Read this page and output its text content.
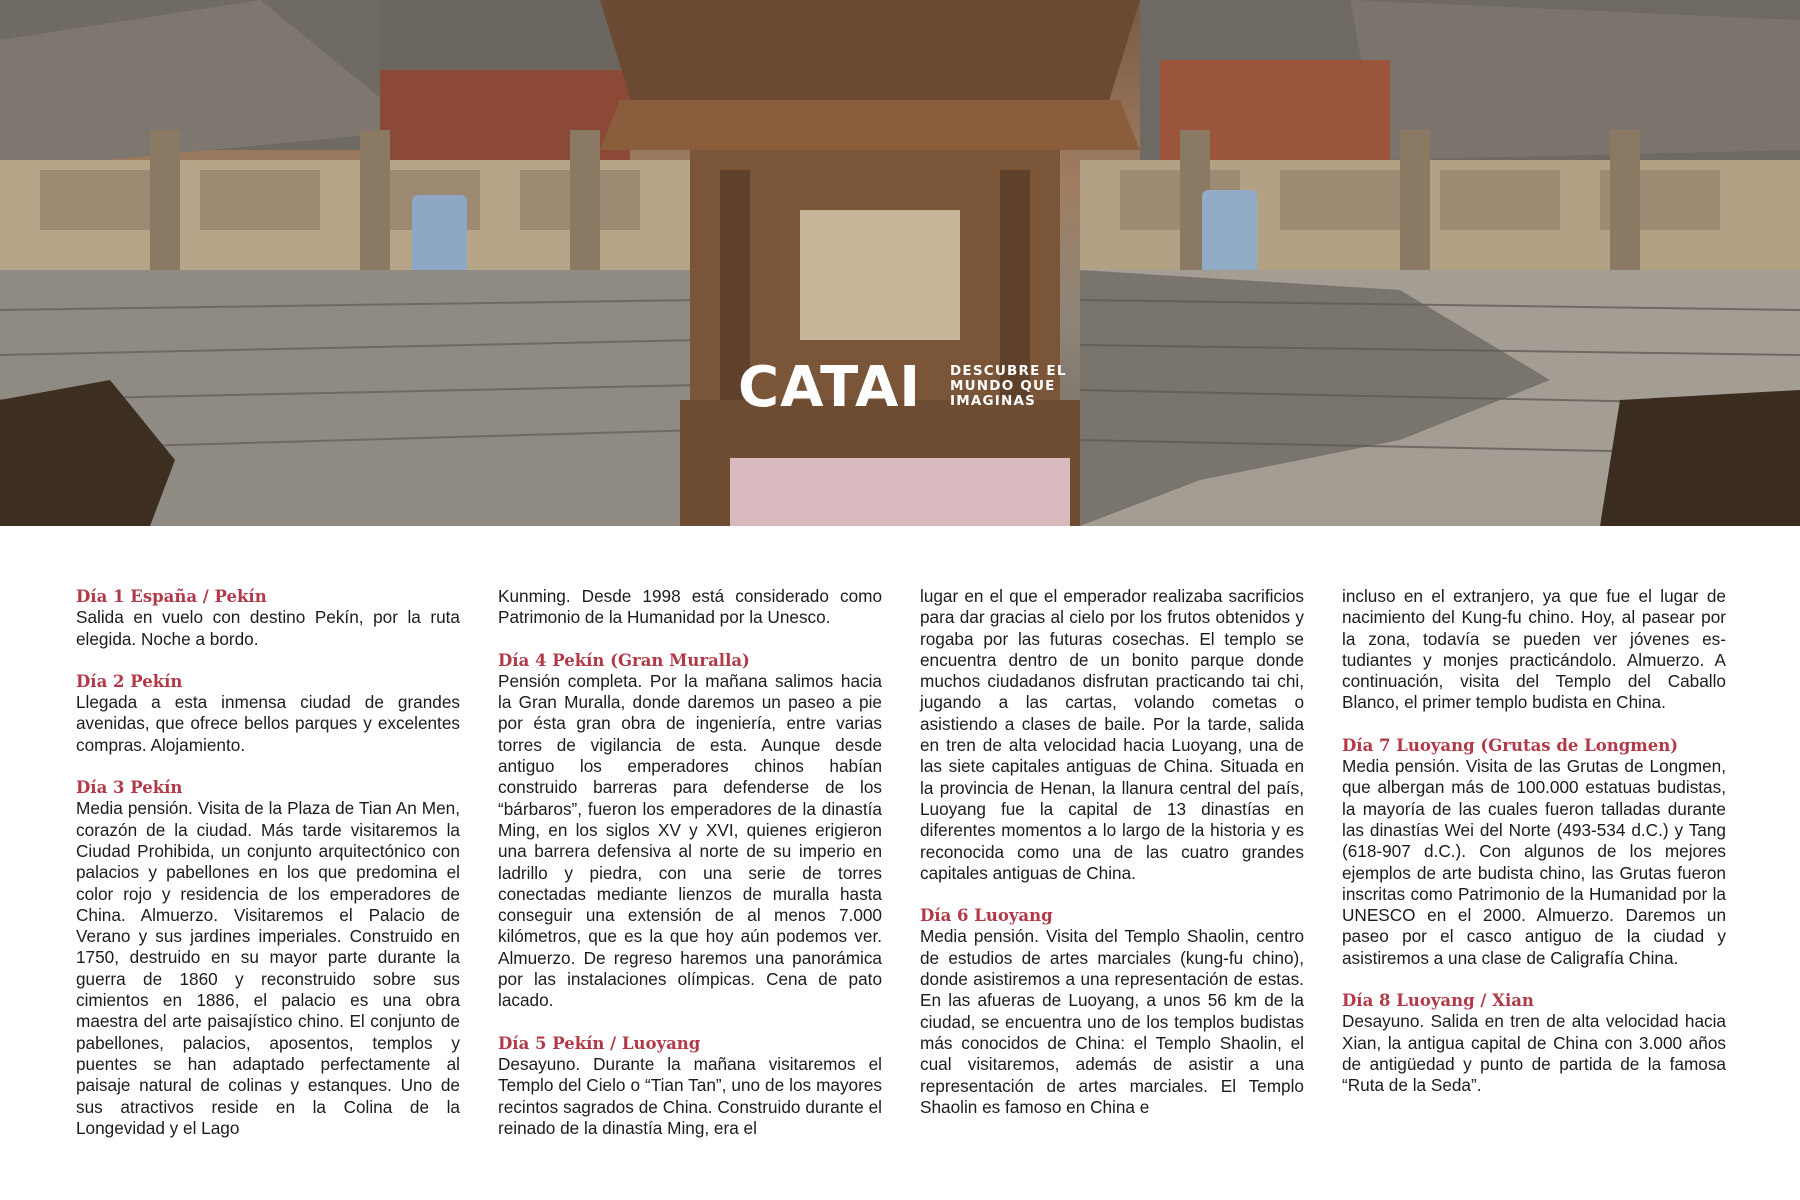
CATAI DESCUBRE EL MUNDO QUE IMAGINAS

Día 1 España / Pekín
Salida en vuelo con destino Pekín, por la ruta elegida. Noche a bordo.

Día 2 Pekín
Llegada a esta inmensa ciudad de grandes avenidas, que ofrece bellos parques y excelentes compras. Alojamiento.

Día 3 Pekín
Media pensión. Visita de la Plaza de Tian An Men, corazón de la ciudad. Más tarde visitaremos la Ciudad Prohibida, un conjunto arquitectónico con palacios y pabellones en los que predomina el color rojo y residencia de los emperadores de China. Almuerzo. Visitaremos el Palacio de Verano y sus jardines imperiales. Construido en 1750, destruido en su mayor parte durante la guerra de 1860 y reconstruido sobre sus cimientos en 1886, el palacio es una obra maestra del arte paisajístico chino. El conjunto de pabellones, palacios, aposentos, templos y puentes se han adaptado perfectamente al paisaje natural de colinas y estanques. Uno de sus atractivos reside en la Colina de la Longevidad y el Lago

Kunming. Desde 1998 está considerado como Patrimonio de la Humanidad por la Unesco.

Día 4 Pekín (Gran Muralla)
Pensión completa. Por la mañana salimos hacia la Gran Muralla, donde daremos un paseo a pie por ésta gran obra de ingeniería, entre varias torres de vigilancia de esta. Aunque desde antiguo los emperadores chinos habían construido barreras para defenderse de los “bárbaros”, fueron los emperadores de la dinastía Ming, en los siglos XV y XVI, quienes erigieron una barrera defensiva al norte de su imperio en ladrillo y piedra, con una serie de torres conectadas mediante lienzos de muralla hasta conseguir una extensión de al menos 7.000 kilómetros, que es la que hoy aún podemos ver. Almuerzo. De regreso haremos una panorámica por las instalaciones olímpicas. Cena de pato lacado.

Día 5 Pekín / Luoyang
Desayuno. Durante la mañana visitaremos el Templo del Cielo o “Tian Tan”, uno de los mayores recintos sagrados de China. Construido durante el reinado de la dinastía Ming, era el

lugar en el que el emperador realizaba sacrificios para dar gracias al cielo por los frutos obtenidos y rogaba por las futuras cosechas. El templo se encuentra dentro de un bonito parque donde muchos ciudadanos disfrutan practicando tai chi, jugando a las cartas, volando cometas o asistiendo a clases de baile. Por la tarde, salida en tren de alta velocidad hacia Luoyang, una de las siete capitales antiguas de China. Situada en la provincia de Henan, la llanura central del país, Luoyang fue la capital de 13 dinastías en diferentes momentos a lo largo de la historia y es reconocida como una de las cuatro grandes capitales antiguas de China.

Día 6 Luoyang
Media pensión. Visita del Templo Shaolin, centro de estudios de artes marciales (kung-fu chino), donde asistiremos a una representación de estas. En las afueras de Luoyang, a unos 56 km de la ciudad, se encuentra uno de los templos budistas más conocidos de China: el Templo Shaolin, el cual visitaremos, además de asistir a una representación de artes marciales. El Templo Shaolin es famoso en China e

incluso en el extranjero, ya que fue el lugar de nacimiento del Kung-fu chino. Hoy, al pasear por la zona, todavía se pueden ver jóvenes estudiantes y monjes practicándolo. Almuerzo. A continuación, visita del Templo del Caballo Blanco, el primer templo budista en China.

Día 7 Luoyang (Grutas de Longmen)
Media pensión. Visita de las Grutas de Longmen, que albergan más de 100.000 estatuas budistas, la mayoría de las cuales fueron talladas durante las dinastías Wei del Norte (493-534 d.C.) y Tang (618-907 d.C.). Con algunos de los mejores ejemplos de arte budista chino, las Grutas fueron inscritas como Patrimonio de la Humanidad por la UNESCO en el 2000. Almuerzo. Daremos un paseo por el casco antiguo de la ciudad y asistiremos a una clase de Caligrafía China.

Día 8 Luoyang / Xian
Desayuno. Salida en tren de alta velocidad hacia Xian, la antigua capital de China con 3.000 años de antigüedad y punto de partida de la famosa “Ruta de la Seda”.
